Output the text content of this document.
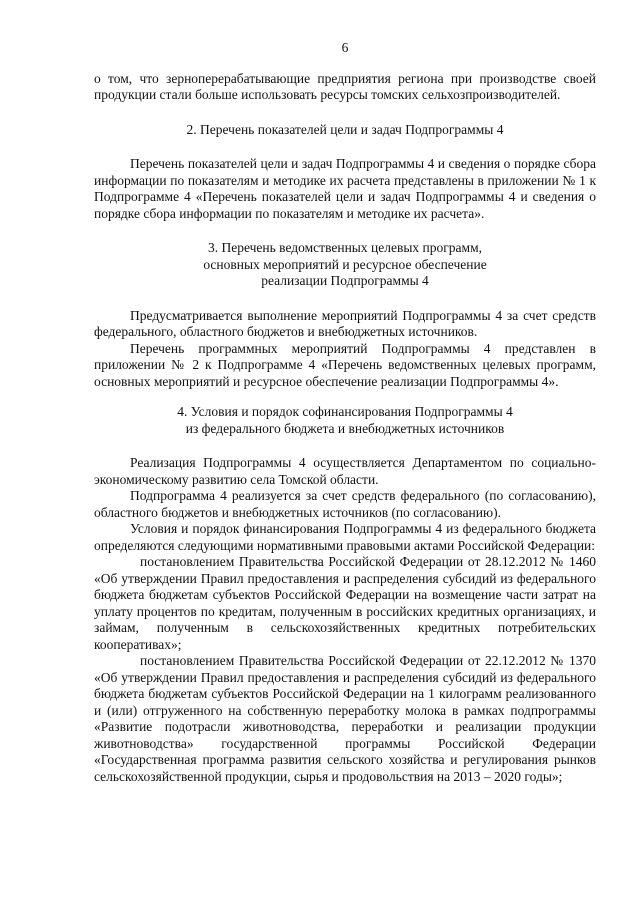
6

о том, что зерноперерабатывающие предприятия региона при производстве своей продукции стали больше использовать ресурсы томских сельхозпроизводителей.

2. Перечень показателей цели и задач Подпрограммы 4

Перечень показателей цели и задач Подпрограммы 4 и сведения о порядке сбора информации по показателям и методике их расчета представлены в приложении № 1 к Подпрограмме 4 «Перечень показателей цели и задач Подпрограммы 4 и сведения о порядке сбора информации по показателям и методике их расчета».

3. Перечень ведомственных целевых программ,

основных мероприятий и ресурсное обеспечение

реализации Подпрограммы 4

Предусматривается выполнение мероприятий Подпрограммы 4 за счет средств федерального, областного бюджетов и внебюджетных источников.

Перечень программных мероприятий Подпрограммы 4 представлен в приложении № 2 к Подпрограмме 4 «Перечень ведомственных целевых программ, основных мероприятий и ресурсное обеспечение реализации Подпрограммы 4».

4. Условия и порядок софинансирования Подпрограммы 4

из федерального бюджета и внебюджетных источников

Реализация Подпрограммы 4 осуществляется Департаментом по социально-экономическому развитию села Томской области.

Подпрограмма 4 реализуется за счет средств федерального (по согласованию), областного бюджетов и внебюджетных источников (по согласованию).

Условия и порядок финансирования Подпрограммы 4 из федерального бюджета определяются следующими нормативными правовыми актами Российской Федерации:

постановлением Правительства Российской Федерации от 28.12.2012 № 1460 «Об утверждении Правил предоставления и распределения субсидий из федерального бюджета бюджетам субъектов Российской Федерации на возмещение части затрат на уплату процентов по кредитам, полученным в российских кредитных организациях, и займам, полученным в сельскохозяйственных кредитных потребительских кооперативах»;

постановлением Правительства Российской Федерации от 22.12.2012 № 1370 «Об утверждении Правил предоставления и распределения субсидий из федерального бюджета бюджетам субъектов Российской Федерации на 1 килограмм реализованного и (или) отгруженного на собственную переработку молока в рамках подпрограммы «Развитие подотрасли животноводства, переработки и реализации продукции животноводства» государственной программы Российской Федерации «Государственная программа развития сельского хозяйства и регулирования рынков сельскохозяйственной продукции, сырья и продовольствия на 2013 – 2020 годы»;
